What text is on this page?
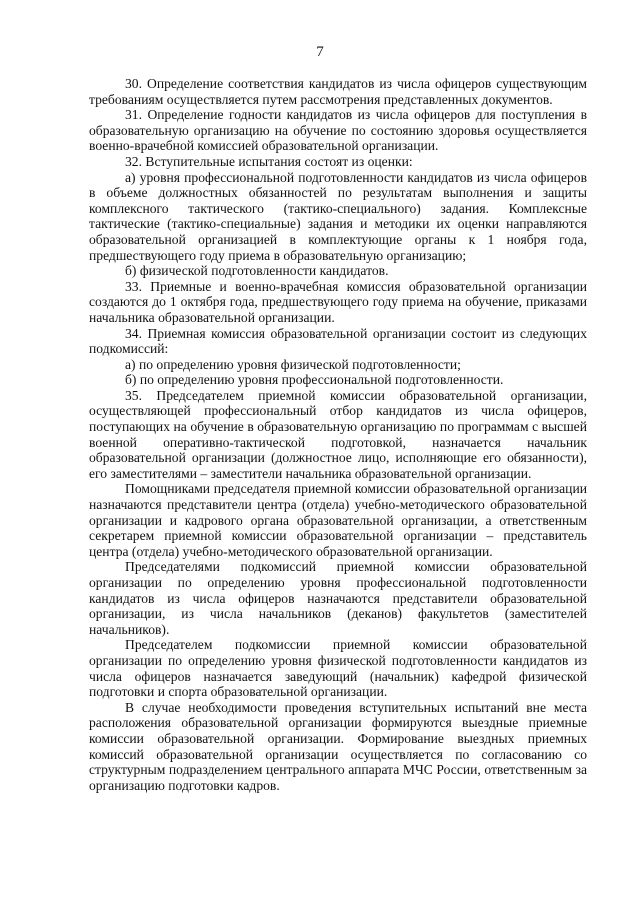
7

30. Определение соответствия кандидатов из числа офицеров существующим требованиям осуществляется путем рассмотрения представленных документов.

31. Определение годности кандидатов из числа офицеров для поступления в образовательную организацию на обучение по состоянию здоровья осуществляется военно-врачебной комиссией образовательной организации.

32. Вступительные испытания состоят из оценки:

а) уровня профессиональной подготовленности кандидатов из числа офицеров в объеме должностных обязанностей по результатам выполнения и защиты комплексного тактического (тактико-специального) задания. Комплексные тактические (тактико-специальные) задания и методики их оценки направляются образовательной организацией в комплектующие органы к 1 ноября года, предшествующего году приема в образовательную организацию;

б) физической подготовленности кандидатов.

33. Приемные и военно-врачебная комиссия образовательной организации создаются до 1 октября года, предшествующего году приема на обучение, приказами начальника образовательной организации.

34. Приемная комиссия образовательной организации состоит из следующих подкомиссий:

а) по определению уровня физической подготовленности;

б) по определению уровня профессиональной подготовленности.

35. Председателем приемной комиссии образовательной организации, осуществляющей профессиональный отбор кандидатов из числа офицеров, поступающих на обучение в образовательную организацию по программам с высшей военной оперативно-тактической подготовкой, назначается начальник образовательной организации (должностное лицо, исполняющие его обязанности), его заместителями – заместители начальника образовательной организации.

Помощниками председателя приемной комиссии образовательной организации назначаются представители центра (отдела) учебно-методического образовательной организации и кадрового органа образовательной организации, а ответственным секретарем приемной комиссии образовательной организации – представитель центра (отдела) учебно-методического образовательной организации.

Председателями подкомиссий приемной комиссии образовательной организации по определению уровня профессиональной подготовленности кандидатов из числа офицеров назначаются представители образовательной организации, из числа начальников (деканов) факультетов (заместителей начальников).

Председателем подкомиссии приемной комиссии образовательной организации по определению уровня физической подготовленности кандидатов из числа офицеров назначается заведующий (начальник) кафедрой физической подготовки и спорта образовательной организации.

В случае необходимости проведения вступительных испытаний вне места расположения образовательной организации формируются выездные приемные комиссии образовательной организации. Формирование выездных приемных комиссий образовательной организации осуществляется по согласованию со структурным подразделением центрального аппарата МЧС России, ответственным за организацию подготовки кадров.
